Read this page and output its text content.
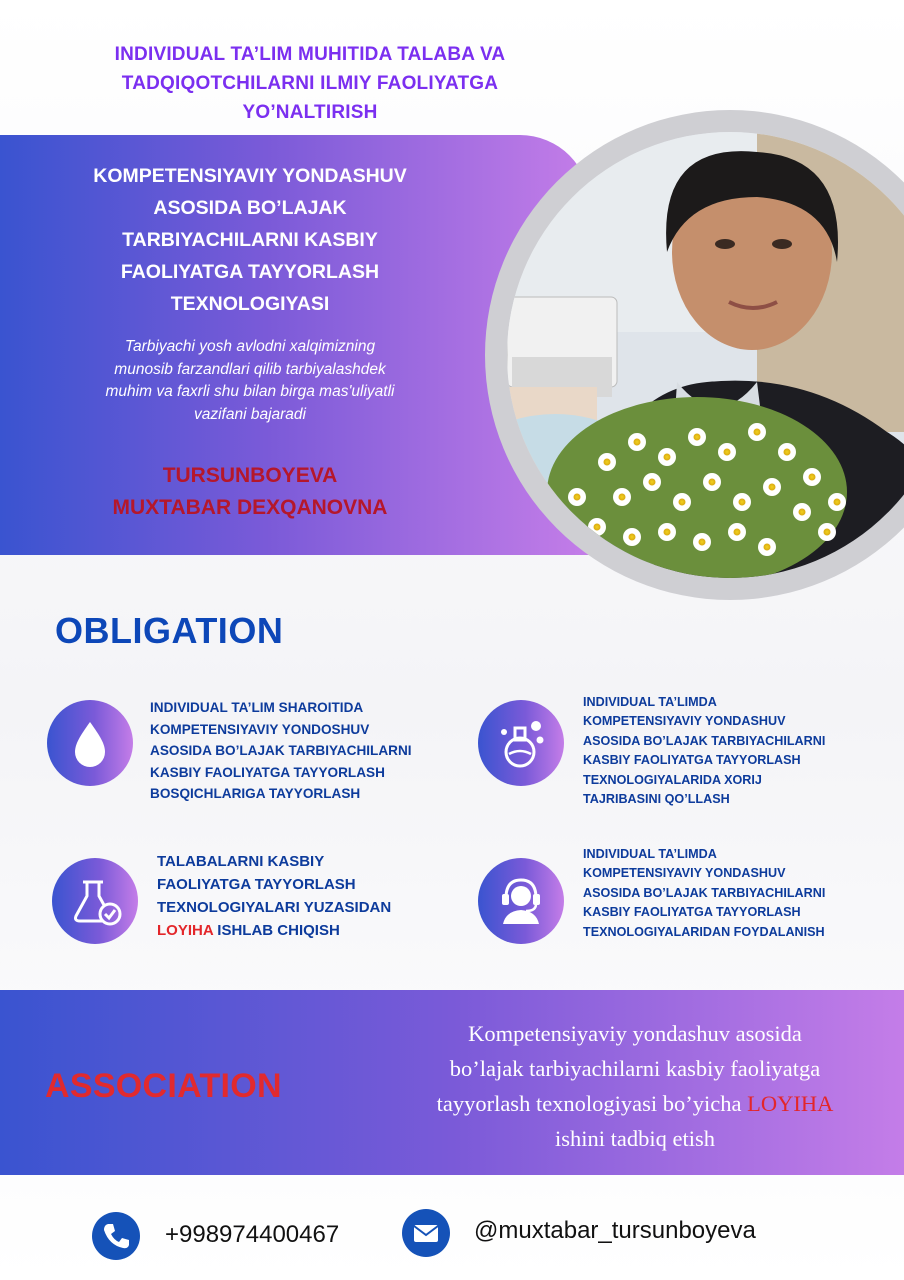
INDIVIDUAL TA’LIM MUHITIDA TALABA VA
TADQIQOTCHILARNI ILMIY FAOLIYATGA
YO’NALTIRISH
KOMPETENSIYAVIY YONDASHUV
ASOSIDA BO’LAJAK
TARBIYACHILARNI KASBIY
FAOLIYATGA TAYYORLASH
TEXNOLOGIYASI
Tarbiyachi yosh avlodni xalqimizning
munosib farzandlari qilib tarbiyalashdek
muhim va faxrli shu bilan birga mas'uliyatli
vazifani bajaradi
TURSUNBOYEVA
MUXTABAR DEXQANOVNA
OBLIGATION
INDIVIDUAL TA’LIM SHAROITIDA
KOMPETENSIYAVIY YONDOSHUV
ASOSIDA BO’LAJAK TARBIYACHILARNI
KASBIY FAOLIYATGA TAYYORLASH
BOSQICHLARIGA TAYYORLASH
INDIVIDUAL TA’LIMDA
KOMPETENSIYAVIY YONDASHUV
ASOSIDA BO’LAJAK TARBIYACHILARNI
KASBIY FAOLIYATGA TAYYORLASH
TEXNOLOGIYALARIDA XORIJ
TAJRIBASINI QO’LLASH
TALABALARNI KASBIY
FAOLIYATGA TAYYORLASH
TEXNOLOGIYALARI YUZASIDAN
LOYIHA ISHLAB CHIQISH
INDIVIDUAL TA’LIMDA
KOMPETENSIYAVIY YONDASHUV
ASOSIDA BO’LAJAK TARBIYACHILARNI
KASBIY FAOLIYATGA TAYYORLASH
TEXNOLOGIYALARIDAN FOYDALANISH
ASSOCIATION
Kompetensiyaviy yondashuv asosida
bo’lajak tarbiyachilarni kasbiy faoliyatga
tayyorlash texnologiyasi bo’yicha LOYIHA
ishini tadbiq etish
+998974400467	@muxtabar_tursunboyeva
